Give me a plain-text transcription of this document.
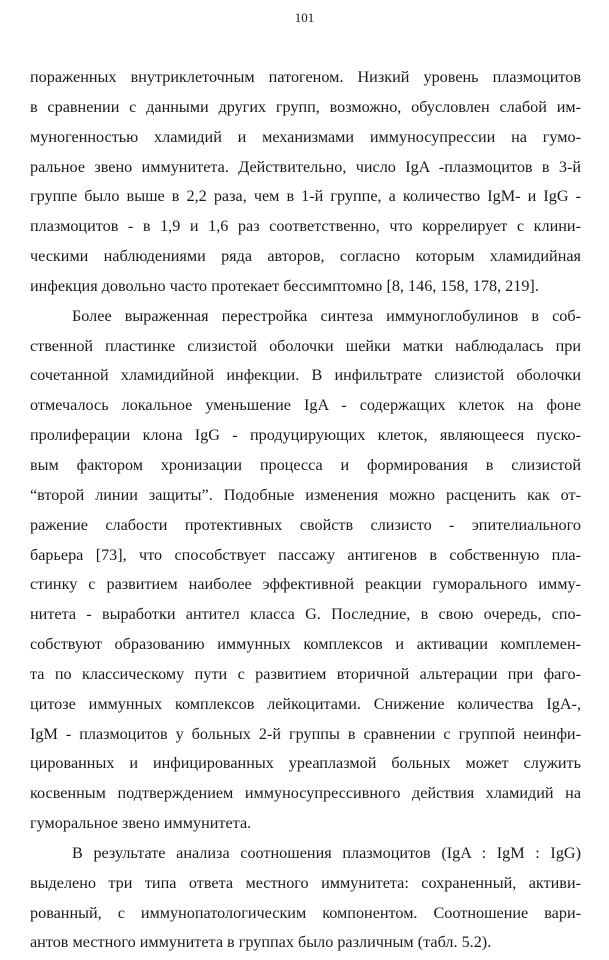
101
пораженных внутриклеточным патогеном. Низкий уровень плазмоцитов
в сравнении с данными других групп, возможно, обусловлен слабой им-
муногенностью хламидий и механизмами иммуносупрессии на гумо-
ральное звено иммунитета. Действительно, число IgA -плазмоцитов в 3-й
группе было выше в 2,2 раза, чем в 1-й группе, а количество IgM- и IgG -
плазмоцитов - в 1,9 и 1,6 раз соответственно, что коррелирует с клини-
ческими наблюдениями ряда авторов, согласно которым хламидийная
инфекция довольно часто протекает бессимптомно [8, 146, 158, 178, 219].
Более выраженная перестройка синтеза иммуноглобулинов в соб-
ственной пластинке слизистой оболочки шейки матки наблюдалась при
сочетанной хламидийной инфекции. В инфильтрате слизистой оболочки
отмечалось локальное уменьшение IgA - содержащих клеток на фоне
пролиферации клона IgG - продуцирующих клеток, являющееся пуско-
вым фактором хронизации процесса и формирования в слизистой
“второй линии защиты”. Подобные изменения можно расценить как от-
ражение слабости протективных свойств слизисто - эпителиального
барьера [73], что способствует пассажу антигенов в собственную пла-
стинку с развитием наиболее эффективной реакции гуморального имму-
нитета - выработки антител класса G. Последние, в свою очередь, спо-
собствуют образованию иммунных комплексов и активации комплемен-
та по классическому пути с развитием вторичной альтерации при фаго-
цитозе иммунных комплексов лейкоцитами. Снижение количества IgA-,
IgM - плазмоцитов у больных 2-й группы в сравнении с группой неинфи-
цированных и инфицированных уреаплазмой больных может служить
косвенным подтверждением иммуносупрессивного действия хламидий на
гуморальное звено иммунитета.
В результате анализа соотношения плазмоцитов (IgA : IgM : IgG)
выделено три типа ответа местного иммунитета: сохраненный, активи-
рованный, с иммунопатологическим компонентом. Соотношение вари-
антов местного иммунитета в группах было различным (табл. 5.2).
